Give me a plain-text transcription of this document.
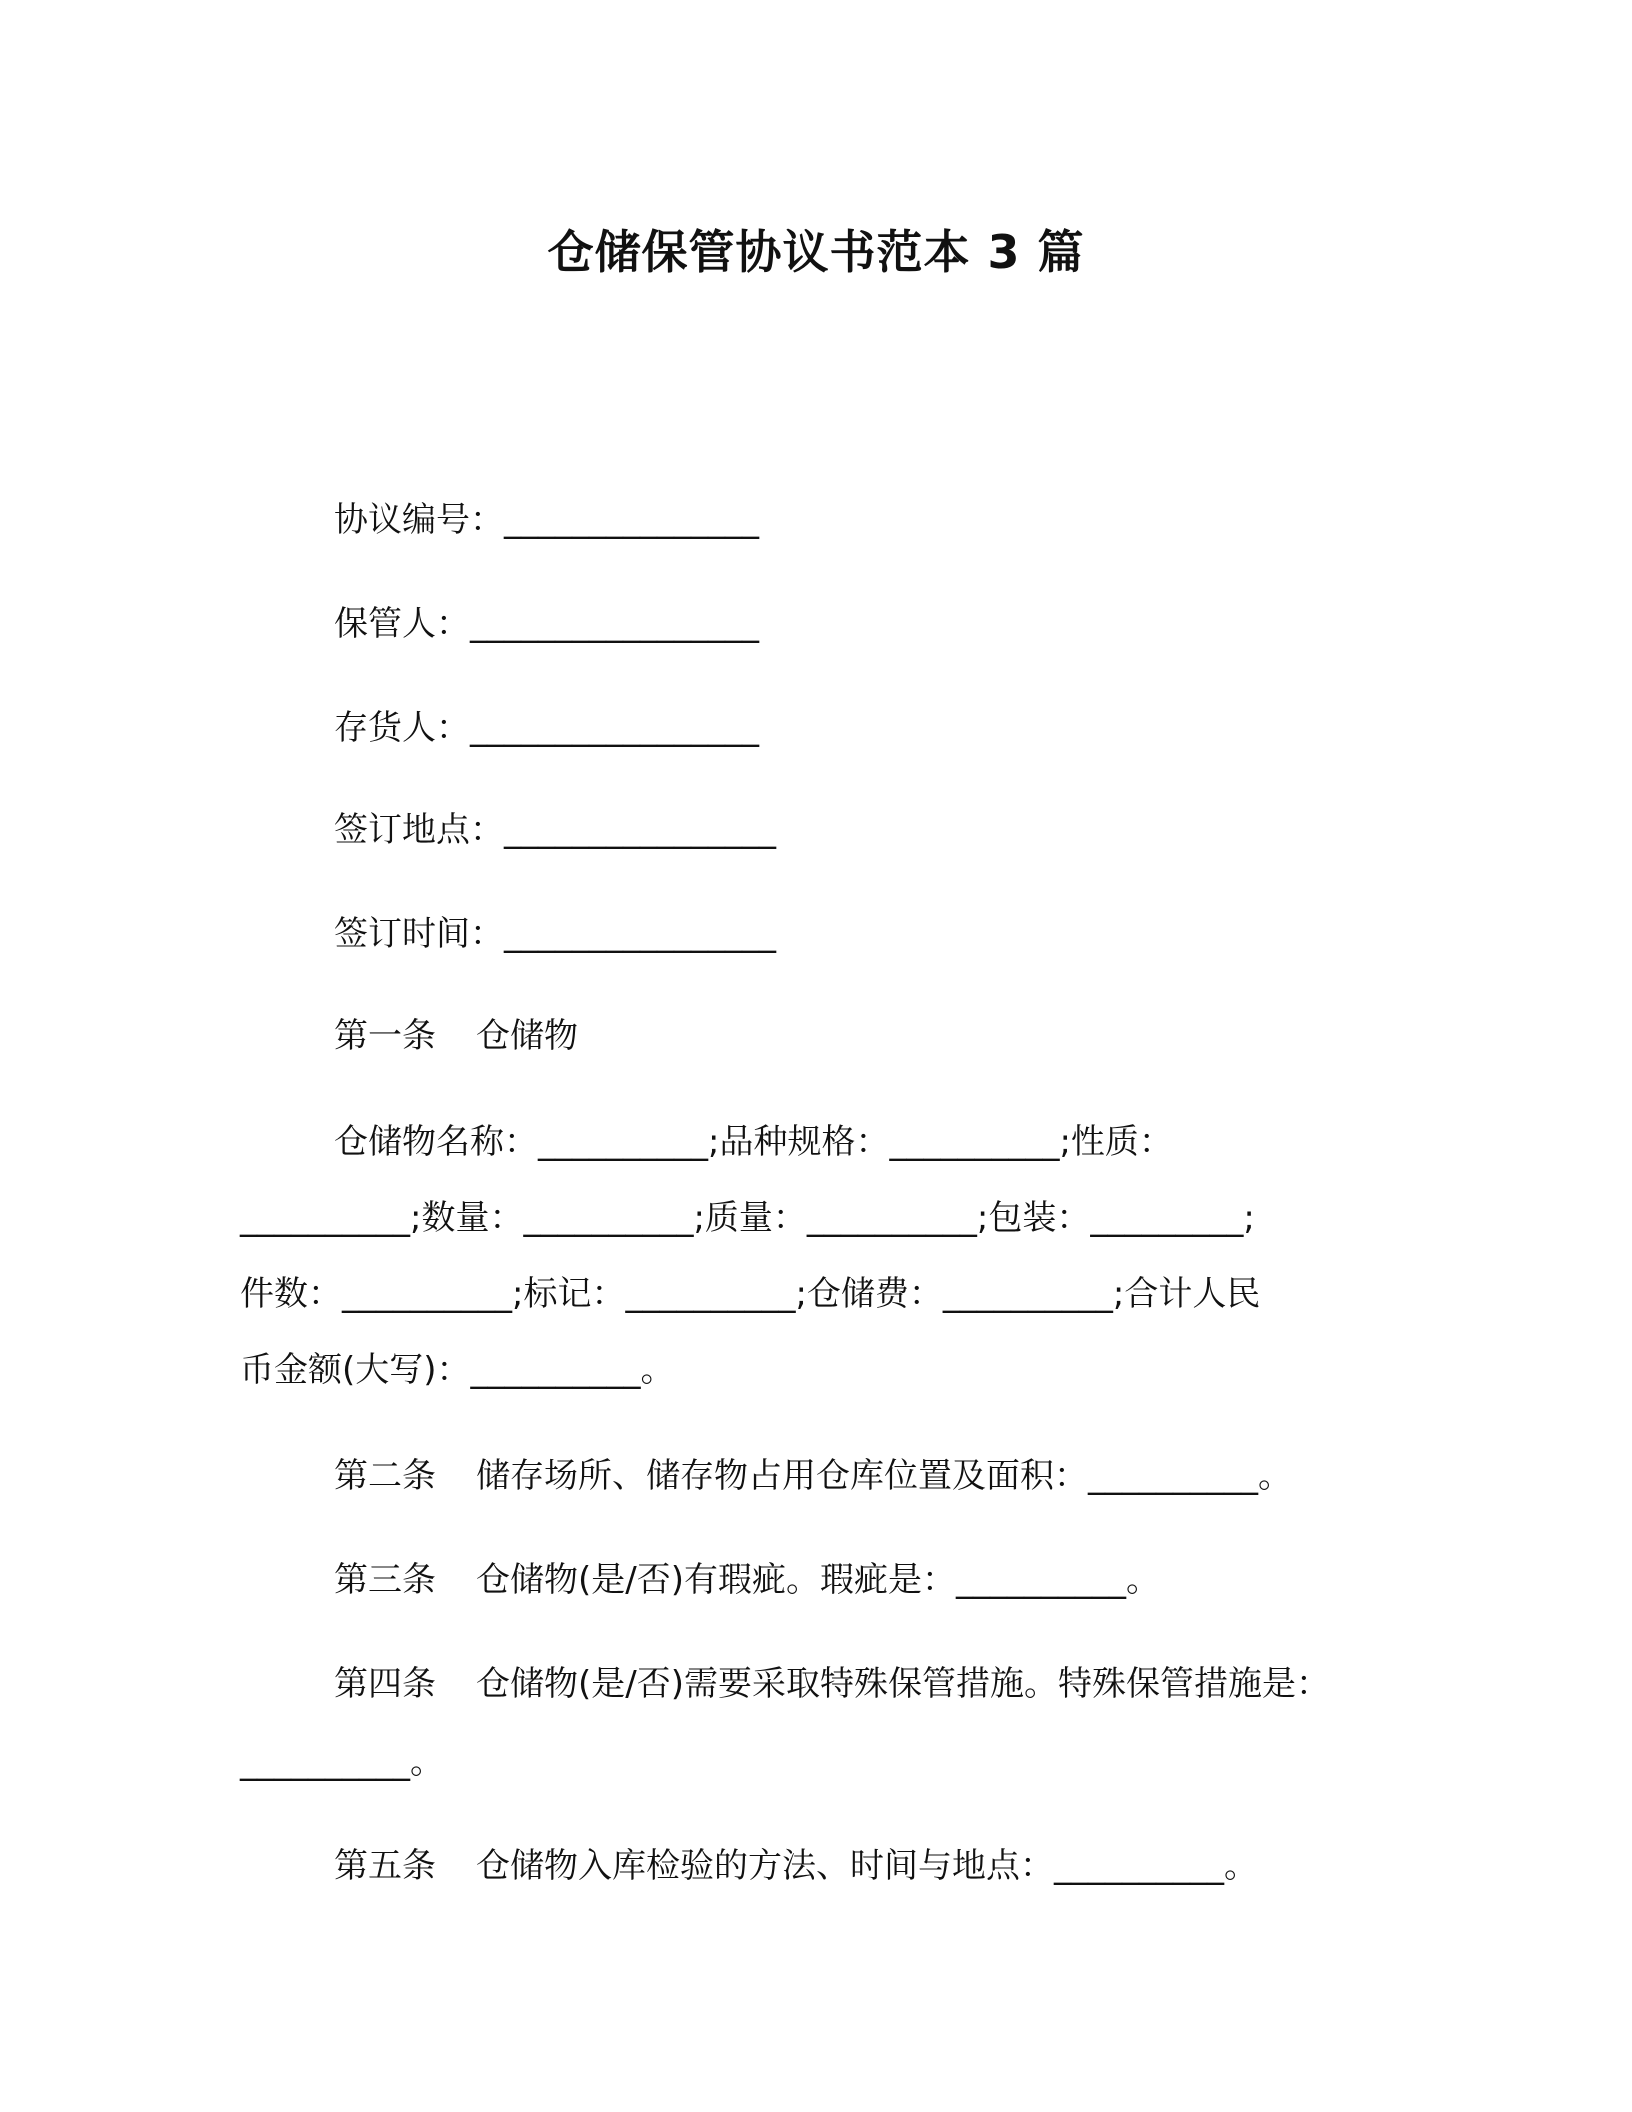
仓储保管协议书范本 3 篇
协议编号：_______________
保管人：_________________
存货人：_________________
签订地点：________________
签订时间：________________
第一条 仓储物
仓储物名称：__________;品种规格：__________;性质：
__________;数量：__________;质量：__________;包装：_________;
件数：__________;标记：__________;仓储费：__________;合计人民
币金额(大写)：__________。
第二条 储存场所、储存物占用仓库位置及面积：__________。
第三条 仓储物(是/否)有瑕疵。瑕疵是：__________。
第四条 仓储物(是/否)需要采取特殊保管措施。特殊保管措施是：
__________。
第五条 仓储物入库检验的方法、时间与地点：__________。
